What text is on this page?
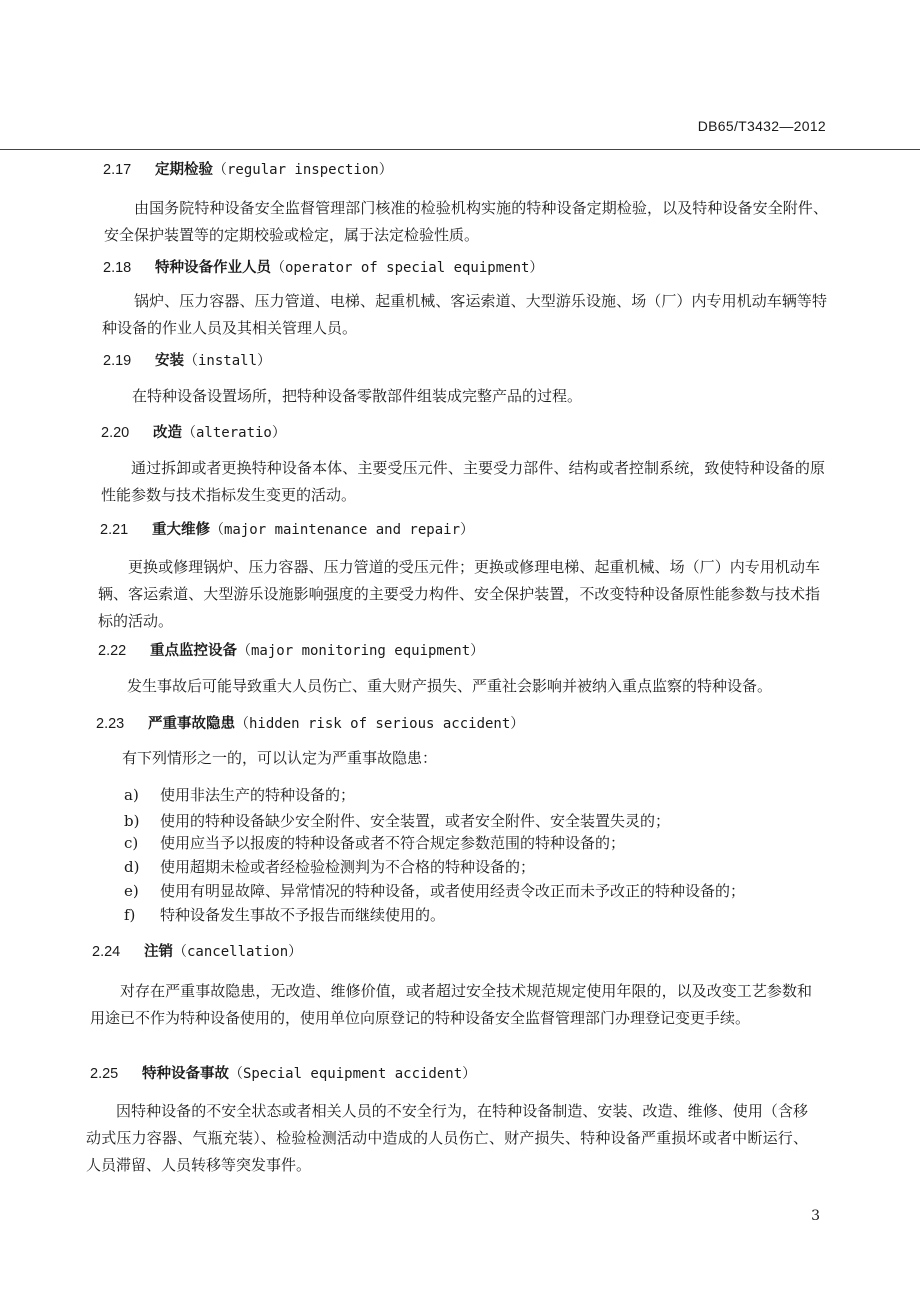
DB65/T3432—2012
2.17 定期检验（regular inspection）
由国务院特种设备安全监督管理部门核准的检验机构实施的特种设备定期检验，以及特种设备安全附件、安全保护装置等的定期校验或检定，属于法定检验性质。
2.18 特种设备作业人员（operator of special equipment）
锅炉、压力容器、压力管道、电梯、起重机械、客运索道、大型游乐设施、场（厂）内专用机动车辆等特种设备的作业人员及其相关管理人员。
2.19 安装（install）
在特种设备设置场所，把特种设备零散部件组装成完整产品的过程。
2.20 改造（alteratio）
通过拆卸或者更换特种设备本体、主要受压元件、主要受力部件、结构或者控制系统，致使特种设备的原性能参数与技术指标发生变更的活动。
2.21 重大维修（major maintenance and repair）
更换或修理锅炉、压力容器、压力管道的受压元件；更换或修理电梯、起重机械、场（厂）内专用机动车辆、客运索道、大型游乐设施影响强度的主要受力构件、安全保护装置，不改变特种设备原性能参数与技术指标的活动。
2.22 重点监控设备（major monitoring equipment）
发生事故后可能导致重大人员伤亡、重大财产损失、严重社会影响并被纳入重点监察的特种设备。
2.23 严重事故隐患（hidden risk of serious accident）
有下列情形之一的，可以认定为严重事故隐患：
a) 使用非法生产的特种设备的；
b) 使用的特种设备缺少安全附件、安全装置，或者安全附件、安全装置失灵的；
c) 使用应当予以报废的特种设备或者不符合规定参数范围的特种设备的；
d) 使用超期未检或者经检验检测判为不合格的特种设备的；
e) 使用有明显故障、异常情况的特种设备，或者使用经责令改正而未予改正的特种设备的；
f) 特种设备发生事故不予报告而继续使用的。
2.24 注销（cancellation）
对存在严重事故隐患，无改造、维修价值，或者超过安全技术规范规定使用年限的，以及改变工艺参数和用途已不作为特种设备使用的，使用单位向原登记的特种设备安全监督管理部门办理登记变更手续。
2.25 特种设备事故（Special equipment accident）
因特种设备的不安全状态或者相关人员的不安全行为，在特种设备制造、安装、改造、维修、使用（含移动式压力容器、气瓶充装）、检验检测活动中造成的人员伤亡、财产损失、特种设备严重损坏或者中断运行、人员滞留、人员转移等突发事件。
3
